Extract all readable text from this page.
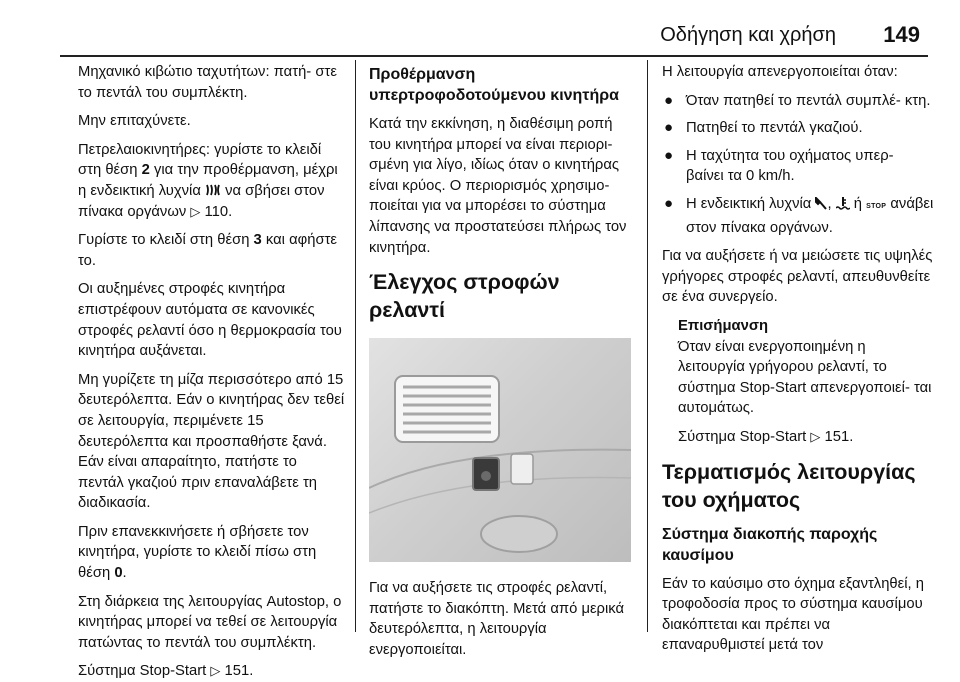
Οδήγηση και χρήση 149

Μηχανικό κιβώτιο ταχυτήτων: πατή- στε το πεντάλ του συμπλέκτη.

Μην επιταχύνετε.

Πετρελαιοκινητήρες: γυρίστε το κλειδί στη θέση 2 για την προθέρμανση, μέχρι η ενδεικτική λυχνία  να σβήσει στον πίνακα οργάνων ▷ 110.

Γυρίστε το κλειδί στη θέση 3 και αφήστε το.

Οι αυξημένες στροφές κινητήρα επιστρέφουν αυτόματα σε κανονικές στροφές ρελαντί όσο η θερμοκρασία του κινητήρα αυξάνεται.

Μη γυρίζετε τη μίζα περισσότερο από 15 δευτερόλεπτα. Εάν ο κινητήρας δεν τεθεί σε λειτουργία, περιμένετε 15 δευτερόλεπτα και προσπαθήστε ξανά. Εάν είναι απαραίτητο, πατήστε το πεντάλ γκαζιού πριν επαναλάβετε τη διαδικασία.

Πριν επανεκκινήσετε ή σβήσετε τον κινητήρα, γυρίστε το κλειδί πίσω στη θέση 0.

Στη διάρκεια της λειτουργίας Autostop, ο κινητήρας μπορεί να τεθεί σε λειτουργία πατώντας το πεντάλ του συμπλέκτη.

Σύστημα Stop-Start ▷ 151.

Προθέρμανση υπερτροφοδοτούμενου κινητήρα

Κατά την εκκίνηση, η διαθέσιμη ροπή του κινητήρα μπορεί να είναι περιορι- σμένη για λίγο, ιδίως όταν ο κινητήρας είναι κρύος. Ο περιορισμός χρησιμο- ποιείται για να μπορέσει το σύστημα λίπανσης να προστατεύσει πλήρως τον κινητήρα.

Έλεγχος στροφών ρελαντί

Για να αυξήσετε τις στροφές ρελαντί, πατήστε το διακόπτη. Μετά από μερικά δευτερόλεπτα, η λειτουργία ενεργοποιείται.

Η λειτουργία απενεργοποιείται όταν:

● Όταν πατηθεί το πεντάλ συμπλέ- κτη.
● Πατηθεί το πεντάλ γκαζιού.
● Η ταχύτητα του οχήματος υπερ- βαίνει τα 0 km/h.
● Η ενδεικτική λυχνία ,  ή STOP ανάβει στον πίνακα οργάνων.

Για να αυξήσετε ή να μειώσετε τις υψηλές γρήγορες στροφές ρελαντί, απευθυνθείτε σε ένα συνεργείο.

Επισήμανση

Όταν είναι ενεργοποιημένη η λειτουργία γρήγορου ρελαντί, το σύστημα Stop-Start απενεργοποιεί- ται αυτομάτως.

Σύστημα Stop-Start ▷ 151.

Τερματισμός λειτουργίας του οχήματος
Σύστημα διακοπής παροχής καυσίμου

Εάν το καύσιμο στο όχημα εξαντληθεί, η τροφοδοσία προς το σύστημα καυσίμου διακόπτεται και πρέπει να επαναρυθμιστεί μετά τον
